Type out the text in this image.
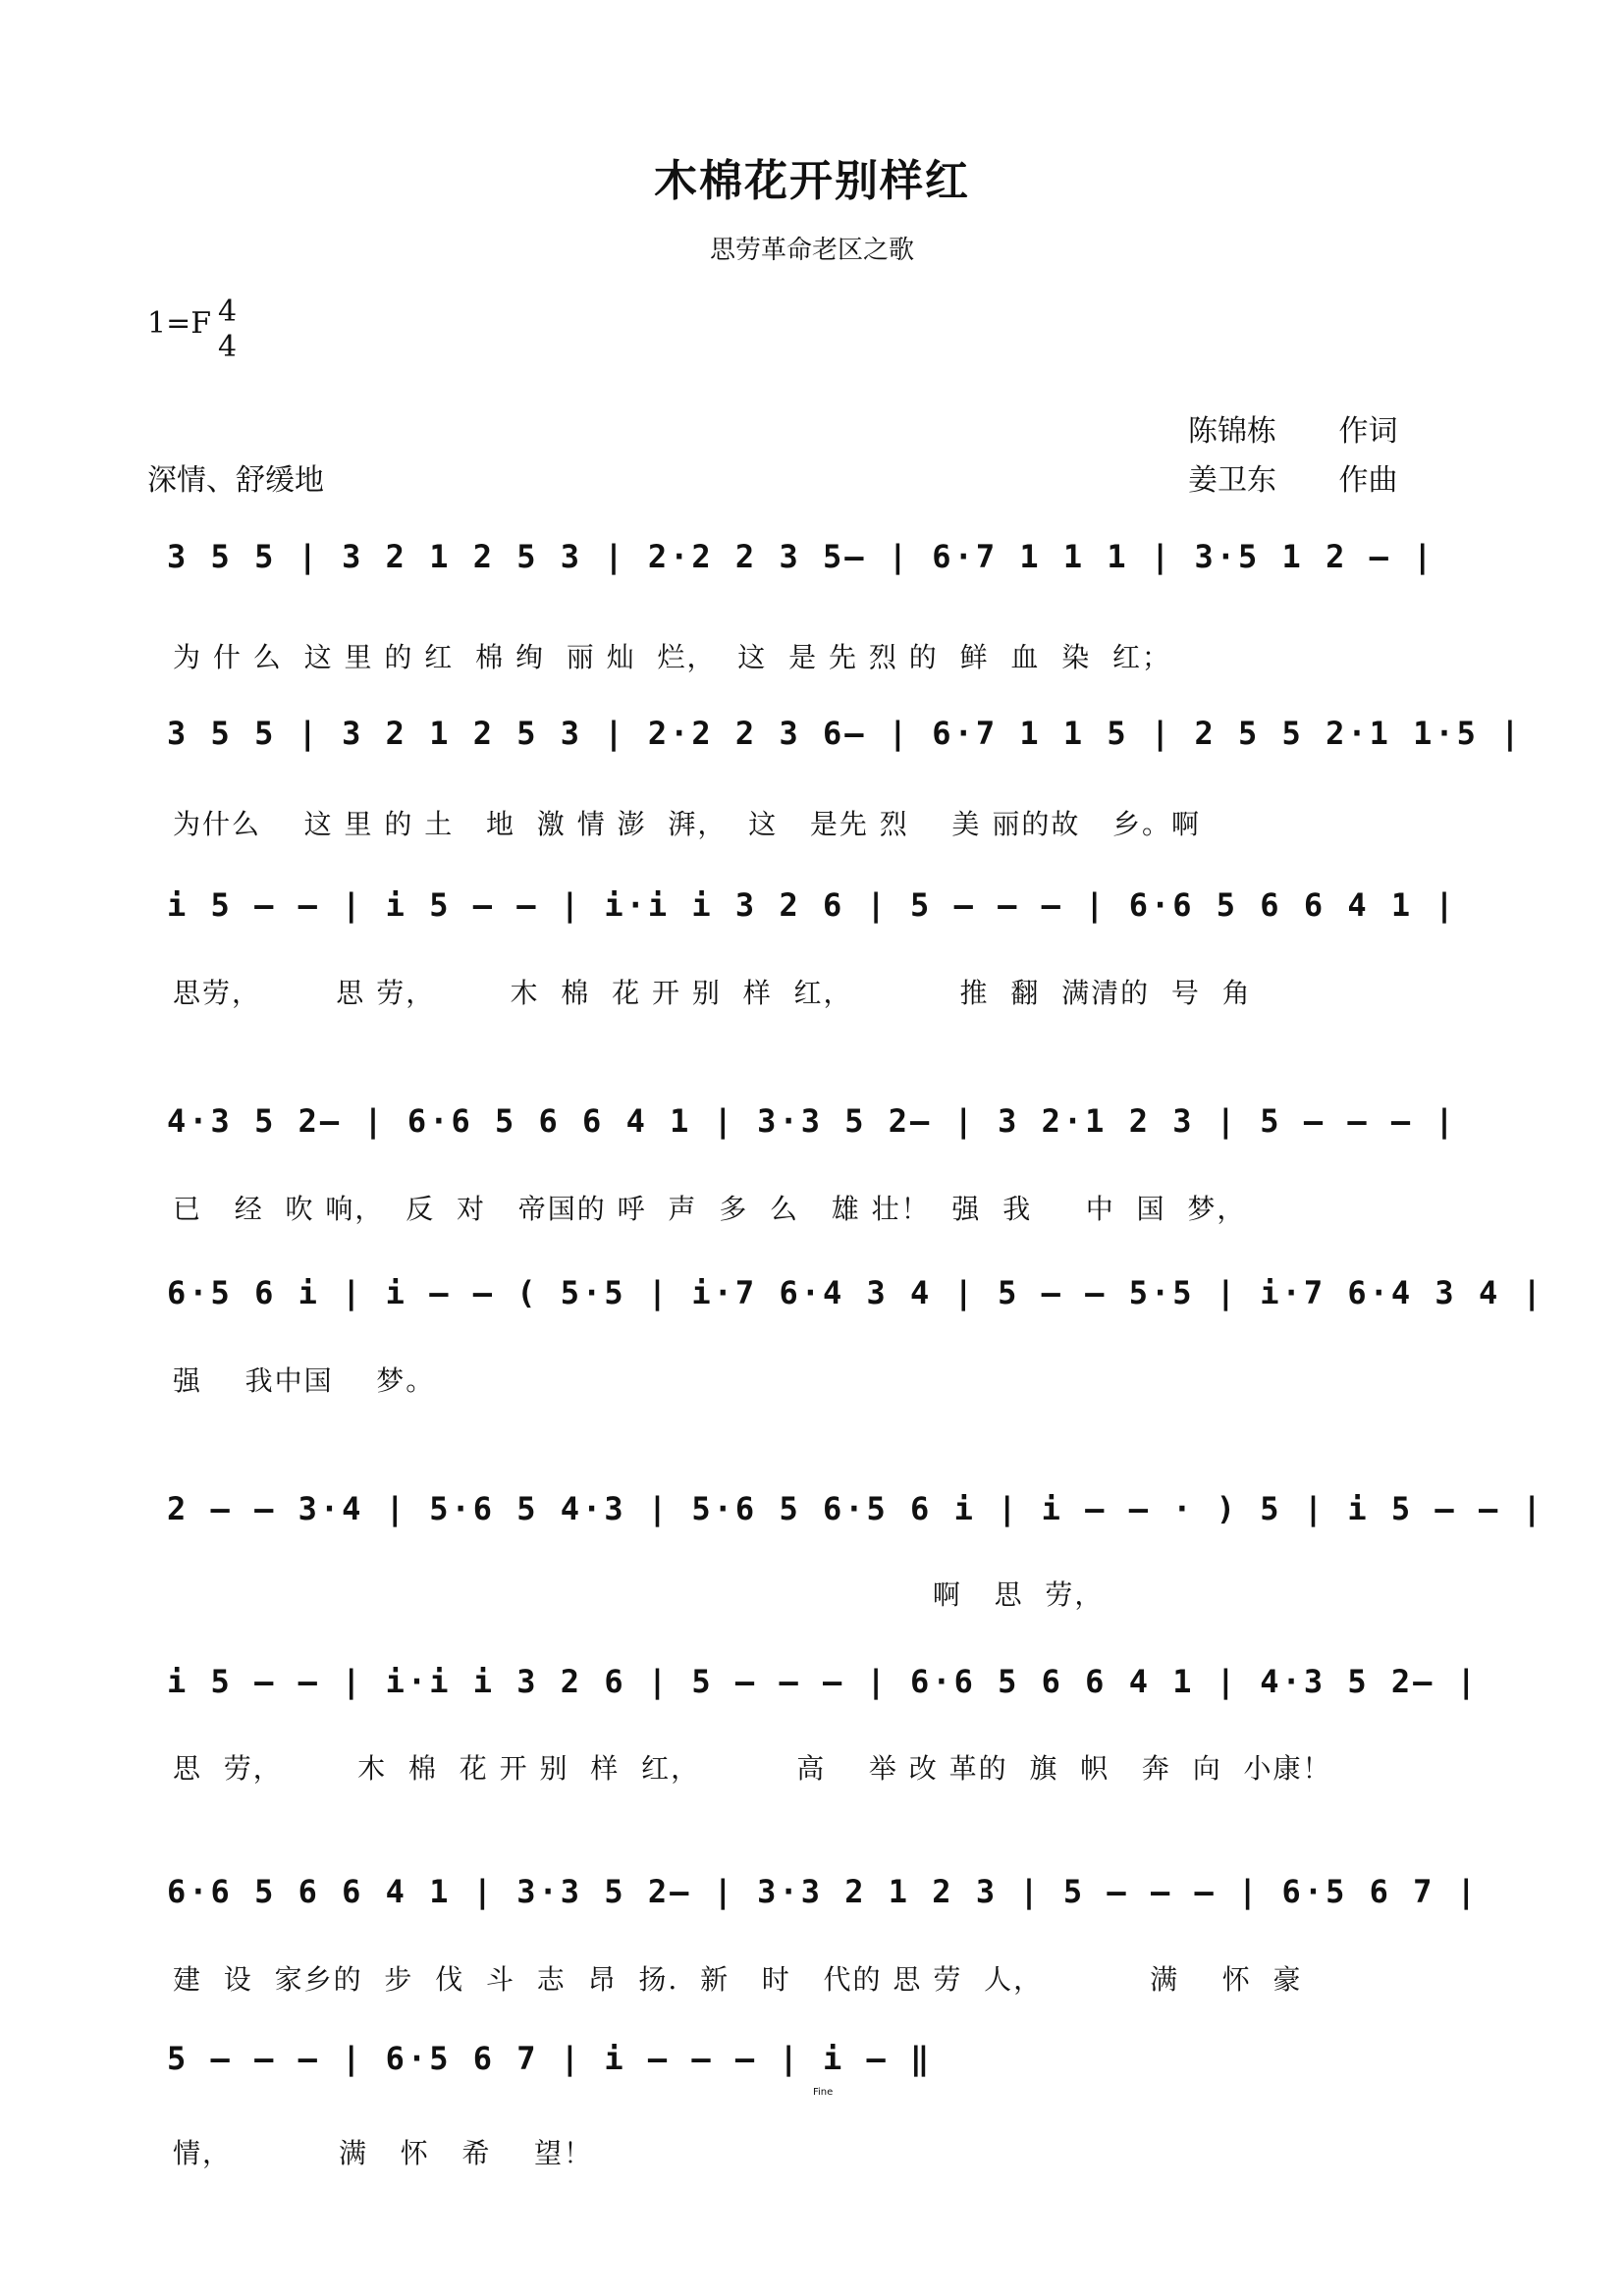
木棉花开别样红
思劳革命老区之歌
1=F 4
4
陈锦栋 作词
姜卫东 作曲
深情、舒缓地
3 5 5 | 3 2 1 2 5 3 | 2·2 2 3 5— | 6·7 1 1 1 | 3·5 1 2 — |
为 什 么  这 里 的 红  棉 绚  丽 灿  烂，  这  是 先 烈 的  鲜  血  染  红；
3 5 5 | 3 2 1 2 5 3 | 2·2 2 3 6— | 6·7 1 1 5 | 2 5 5 2·1 1·5 |
为什么    这 里 的 土   地  激 情 澎  湃，  这   是先 烈    美 丽的故   乡。啊
i 5 — — | i 5 — — | i·i i 3 2 6 | 5 — — — | 6·6 5 6 6 4 1 |
思劳，       思 劳，       木  棉  花 开 别  样  红，          推  翻  满清的  号  角
4·3 5 2— | 6·6 5 6 6 4 1 | 3·3 5 2— | 3 2·1 2 3 | 5 — — — |
已   经  吹 响，  反  对   帝国的 呼  声  多  么   雄 壮！  强  我     中  国  梦，
6·5 6 i | i — — ( 5·5 | i·7 6·4 3 4 | 5 — — 5·5 | i·7 6·4 3 4 |
强    我中国    梦。
2 — — 3·4 | 5·6 5 4·3 | 5·6 5 6·5 6 i | i — — · ) 5 | i 5 — — |
啊   思  劳，
i 5 — — | i·i i 3 2 6 | 5 — — — | 6·6 5 6 6 4 1 | 4·3 5 2— |
思  劳，       木  棉  花 开 别  样  红，         高    举 改 革的  旗  帜   奔  向  小康！
6·6 5 6 6 4 1 | 3·3 5 2— | 3·3 2 1 2 3 | 5 — — — | 6·5 6 7 |
建  设  家乡的  步  伐  斗  志  昂  扬.  新   时   代的 思 劳  人，          满    怀  豪
5 — — — | 6·5 6 7 | i — — — | i — ‖
Fine
情，          满   怀   希    望！
